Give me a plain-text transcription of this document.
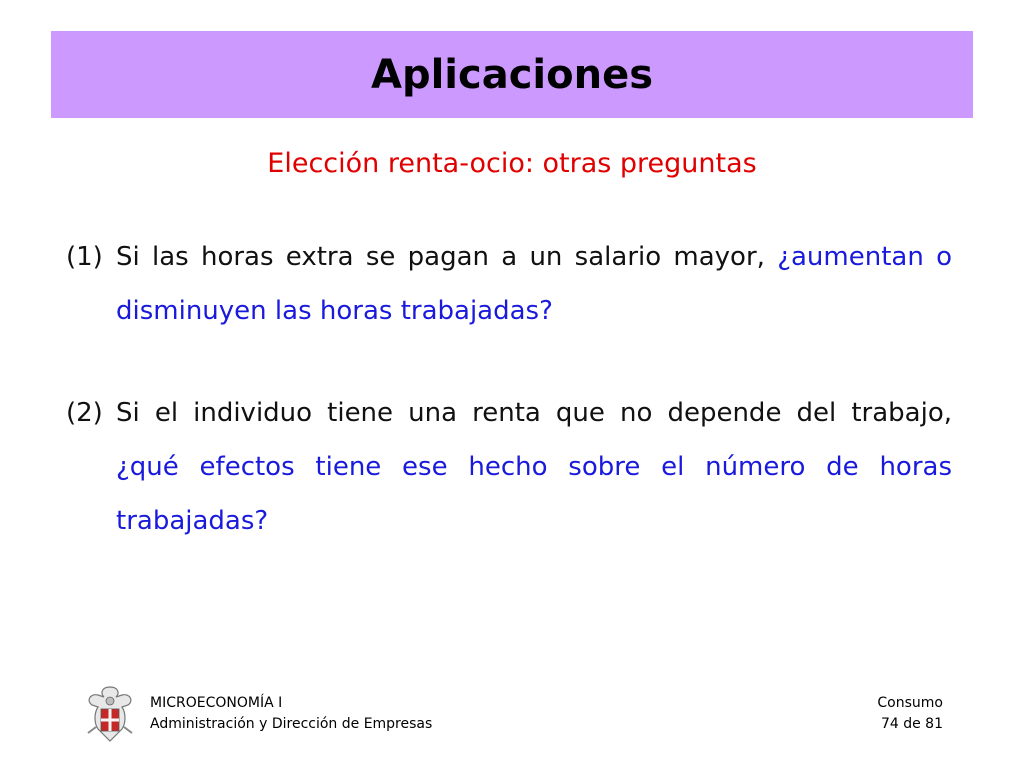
Aplicaciones
Elección renta-ocio: otras preguntas
(1) Si las horas extra se pagan a un salario mayor, ¿aumentan o disminuyen las horas trabajadas?
(2) Si el individuo tiene una renta que no depende del trabajo, ¿qué efectos tiene ese hecho sobre el número de horas trabajadas?
MICROECONOMÍA I
Administración y Dirección de Empresas
Consumo
74 de 81
